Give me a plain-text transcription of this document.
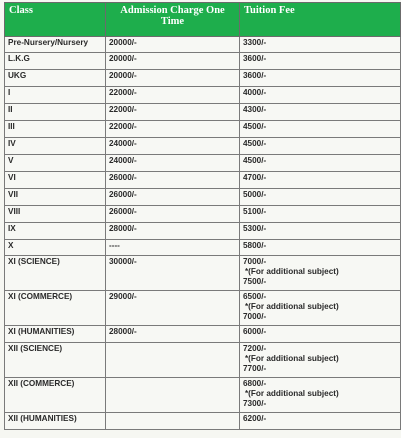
Class	Admission Charge One Time	Tuition Fee
Pre-Nursery/Nursery	20000/-	3300/-

L.K.G	20000/-	3600/-

UKG	20000/-	3600/-

I	22000/-	4000/-

II	22000/-	4300/-

III	22000/-	4500/-

IV	24000/-	4500/-

V	24000/-	4500/-

VI	26000/-	4700/-

VII	26000/-	5000/-

VIII	26000/-	5100/-

IX	28000/-	5300/-

X	----	5800/-

XI (SCIENCE)	30000/-	7000/-
*(For additional subject)
7500/-

XI (COMMERCE)	29000/-	6500/-
*(For additional subject)
7000/-

XI (HUMANITIES)	28000/-	6000/-

XII (SCIENCE)		7200/-
*(For additional subject)
7700/-

XII (COMMERCE)		6800/-
*(For additional subject)
7300/-

XII (HUMANITIES)		6200/-
